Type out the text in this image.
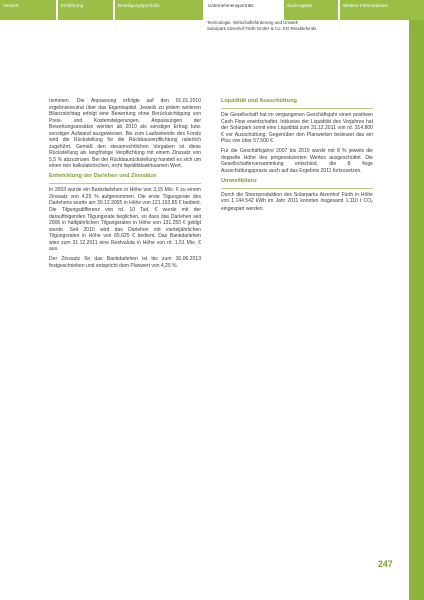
Vorwort	Einführung	Beteiligungsportfolio	Unternehmensporträts	Sachregister	Weitere Informationen
Technologie, Wirtschaftsförderung und Umwelt
Solarpark Atzenhof Fürth GmbH & Co. KG Renditefonds

nommen. Die Anpassung erfolgte auf den 01.01.2010 ergebnisneutral über das Eigenkapital. Jeweils zu jedem weiteren Bilanzstichtag erfolgt eine Bewertung ohne Berücksichtigung von Preis- und Kostensteigerungen. Anpassungen der Bewertungsansätze werden ab 2010 als sonstiger Ertrag bzw. sonstiger Aufwand ausgewiesen. Bis zum Laufzeitende des Fonds wird die Rückstellung für die Rückbauverpflichtung ratierlich zugeführt. Gemäß den steuerrechtlichen Vorgaben ist diese Rückstellung als langfristige Verpflichtung mit einem Zinssatz von 5,5 % abzuzinsen. Bei der Rückbaurückstellung handelt es sich um einen rein kalkulatorischen, nicht liquiditätswirksamen Wert.

Entwicklung der Darlehen und Zinssätze

In 2003 wurde ein Bankdarlehen in Höhe von 3,15 Mio. € zu einem Zinssatz von 4,25 % aufgenommen. Die erste Tilgungsrate des Darlehens wurde am 30.12.2005 in Höhe von 121.153,85 € bedient. Die Tilgungsdifferenz von rd. 10 Tsd. € wurde mit der darauffolgenden Tilgungsrate beglichen, so dass das Darlehen seit 2006 in halbjährlichen Tilgungsraten in Höhe von 131.250 € getilgt wurde. Seit 2010 wird das Darlehen mit vierteljährlichen Tilgungsraten in Höhe von 65.625 € bedient. Das Bankdarlehen wies zum 31.12.2011 eine Restvaluta in Höhe von rd. 1,51 Mio. € aus.

Der Zinssatz für das Bankdarlehen ist bis zum 30.06.2013 festgeschrieben und entspricht dem Planwert von 4,25 %.

Liquidität und Ausschüttung

Die Gesellschaft hat im vergangenen Geschäftsjahr einen positiven Cash Flow erwirtschaftet. Inklusive der Liquidität des Vorjahres hat der Solarpark somit eine Liquidität zum 31.12.2011 von rd. 314.800 € vor Ausschüttung. Gegenüber den Planwerten bedeutet das ein Plus von über 57.500 €.

Für die Geschäftsjahre 2007 bis 2010 wurde mit 8 % jeweils die doppelte Höhe des prognostizierten Wertes ausgeschüttet. Die Gesellschafterversammlung entschied, die 8 %ige Ausschüttungspraxis auch auf das Ergebnis 2011 fortzusetzen.

Umweltbilanz

Durch die Stromproduktion des Solarparks Atzenhof Fürth in Höhe von 1.144.542 kWh im Jahr 2011 konnten insgesamt 1.110 t $CO_2$ eingespart werden.

247
